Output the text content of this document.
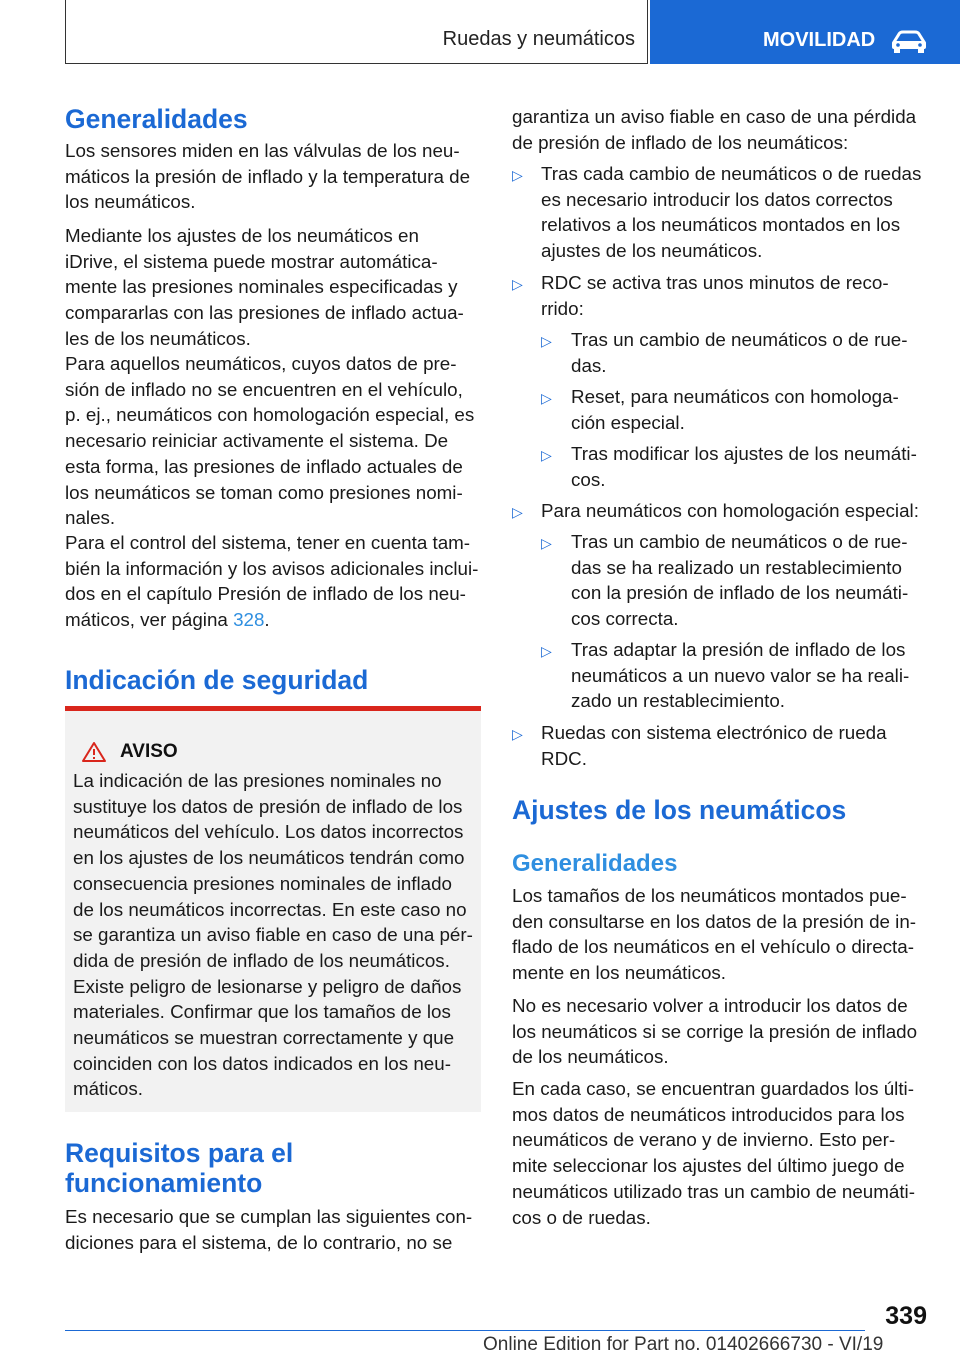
Ruedas y neumáticos	MOVILIDAD
Generalidades

Los sensores miden en las válvulas de los neu-

máticos la presión de inflado y la temperatura de

los neumáticos.

Mediante los ajustes de los neumáticos en

iDrive, el sistema puede mostrar automática-

mente las presiones nominales especificadas y

compararlas con las presiones de inflado actua-

les de los neumáticos.

Para aquellos neumáticos, cuyos datos de pre-

sión de inflado no se encuentren en el vehículo,

p. ej., neumáticos con homologación especial, es

necesario reiniciar activamente el sistema. De

esta forma, las presiones de inflado actuales de

los neumáticos se toman como presiones nomi-

nales.

Para el control del sistema, tener en cuenta tam-

bién la información y los avisos adicionales inclui-

dos en el capítulo Presión de inflado de los neu-

máticos, ver página 328.

Indicación de seguridad
AVISO

La indicación de las presiones nominales no

sustituye los datos de presión de inflado de los

neumáticos del vehículo. Los datos incorrectos

en los ajustes de los neumáticos tendrán como

consecuencia presiones nominales de inflado

de los neumáticos incorrectas. En este caso no

se garantiza un aviso fiable en caso de una pér-

dida de presión de inflado de los neumáticos.

Existe peligro de lesionarse y peligro de daños

materiales. Confirmar que los tamaños de los

neumáticos se muestran correctamente y que

coinciden con los datos indicados en los neu-

máticos.

Requisitos para el
funcionamiento

Es necesario que se cumplan las siguientes con-

diciones para el sistema, de lo contrario, no se

garantiza un aviso fiable en caso de una pérdida

de presión de inflado de los neumáticos:

▷ Tras cada cambio de neumáticos o de ruedas

es necesario introducir los datos correctos

relativos a los neumáticos montados en los

ajustes de los neumáticos.

▷ RDC se activa tras unos minutos de reco-

rrido:

▷ Tras un cambio de neumáticos o de rue-

das.

▷ Reset, para neumáticos con homologa-

ción especial.

▷ Tras modificar los ajustes de los neumáti-

cos.

▷ Para neumáticos con homologación especial:

▷ Tras un cambio de neumáticos o de rue-

das se ha realizado un restablecimiento

con la presión de inflado de los neumáti-

cos correcta.

▷ Tras adaptar la presión de inflado de los

neumáticos a un nuevo valor se ha reali-

zado un restablecimiento.

▷ Ruedas con sistema electrónico de rueda

RDC.

Ajustes de los neumáticos
Generalidades

Los tamaños de los neumáticos montados pue-

den consultarse en los datos de la presión de in-

flado de los neumáticos en el vehículo o directa-

mente en los neumáticos.

No es necesario volver a introducir los datos de

los neumáticos si se corrige la presión de inflado

de los neumáticos.

En cada caso, se encuentran guardados los últi-

mos datos de neumáticos introducidos para los

neumáticos de verano y de invierno. Esto per-

mite seleccionar los ajustes del último juego de

neumáticos utilizado tras un cambio de neumáti-

cos o de ruedas.

339
Online Edition for Part no. 01402666730 - VI/19
